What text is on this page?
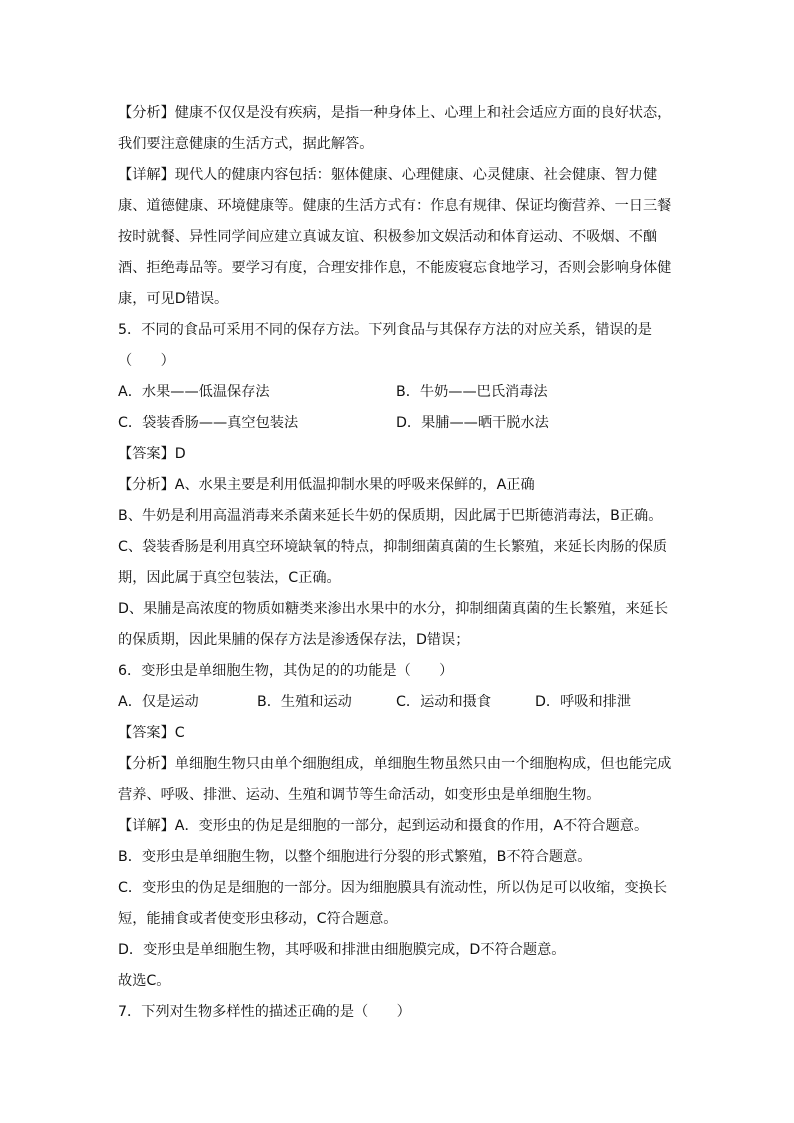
【分析】健康不仅仅是没有疾病，是指一种身体上、心理上和社会适应方面的良好状态，
我们要注意健康的生活方式，据此解答。
【详解】现代人的健康内容包括：躯体健康、心理健康、心灵健康、社会健康、智力健
康、道德健康、环境健康等。健康的生活方式有：作息有规律、保证均衡营养、一日三餐
按时就餐、异性同学间应建立真诚友谊、积极参加文娱活动和体育运动、不吸烟、不酗
酒、拒绝毒品等。要学习有度，合理安排作息，不能废寝忘食地学习，否则会影响身体健
康，可见D错误。
5．不同的食品可采用不同的保存方法。下列食品与其保存方法的对应关系，错误的是
（　　）
A．水果——低温保存法	B．牛奶——巴氏消毒法
C．袋装香肠——真空包装法	D．果脯——晒干脱水法
【答案】D
【分析】A、水果主要是利用低温抑制水果的呼吸来保鲜的，A正确
B、牛奶是利用高温消毒来杀菌来延长牛奶的保质期，因此属于巴斯德消毒法，B正确。
C、袋装香肠是利用真空环境缺氧的特点，抑制细菌真菌的生长繁殖，来延长肉肠的保质
期，因此属于真空包装法，C正确。
D、果脯是高浓度的物质如糖类来渗出水果中的水分，抑制细菌真菌的生长繁殖，来延长
的保质期，因此果脯的保存方法是渗透保存法，D错误；
6．变形虫是单细胞生物，其伪足的的功能是（　　）
A．仅是运动	B．生殖和运动	C．运动和摄食	D．呼吸和排泄
【答案】C
【分析】单细胞生物只由单个细胞组成，单细胞生物虽然只由一个细胞构成，但也能完成
营养、呼吸、排泄、运动、生殖和调节等生命活动，如变形虫是单细胞生物。
【详解】A．变形虫的伪足是细胞的一部分，起到运动和摄食的作用，A不符合题意。
B．变形虫是单细胞生物，以整个细胞进行分裂的形式繁殖，B不符合题意。
C．变形虫的伪足是细胞的一部分。因为细胞膜具有流动性，所以伪足可以收缩，变换长
短，能捕食或者使变形虫移动，C符合题意。
D．变形虫是单细胞生物，其呼吸和排泄由细胞膜完成，D不符合题意。
故选C。
7．下列对生物多样性的描述正确的是（　　）
